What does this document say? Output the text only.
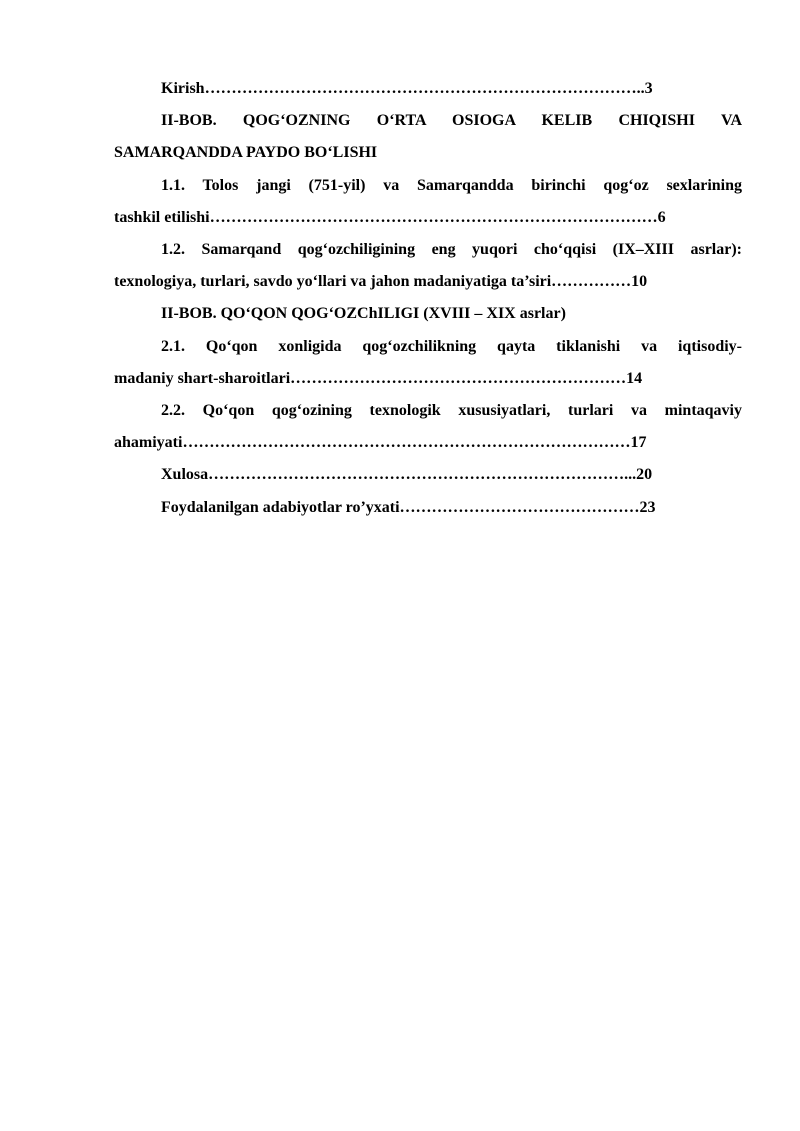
Kirish………………………………………………………………………..3
II-BOB. QOG‘OZNING O‘RTA OSIOGA KELIB CHIQISHI VA
SAMARQANDDA PAYDO BO‘LISHI
1.1. Tolos jangi (751-yil) va Samarqandda birinchi qog‘oz sexlarining
tashkil etilishi…………………………………………………………………………6
1.2. Samarqand qog‘ozchiligining eng yuqori cho‘qqisi (IX–XIII asrlar):
texnologiya, turlari, savdo yo‘llari va jahon madaniyatiga ta’siri……………10
II-BOB. QO‘QON QOG‘OZChILIGI (XVIII – XIX asrlar)
2.1. Qo‘qon xonligida qog‘ozchilikning qayta tiklanishi va iqtisodiy-
madaniy shart-sharoitlari………………………………………………………14
2.2. Qo‘qon qog‘ozining texnologik xususiyatlari, turlari va mintaqaviy
ahamiyati…………………………………………………………………………17
Xulosa……………………………………………………………………...20
Foydalanilgan adabiyotlar ro’yxati………………………………………23
